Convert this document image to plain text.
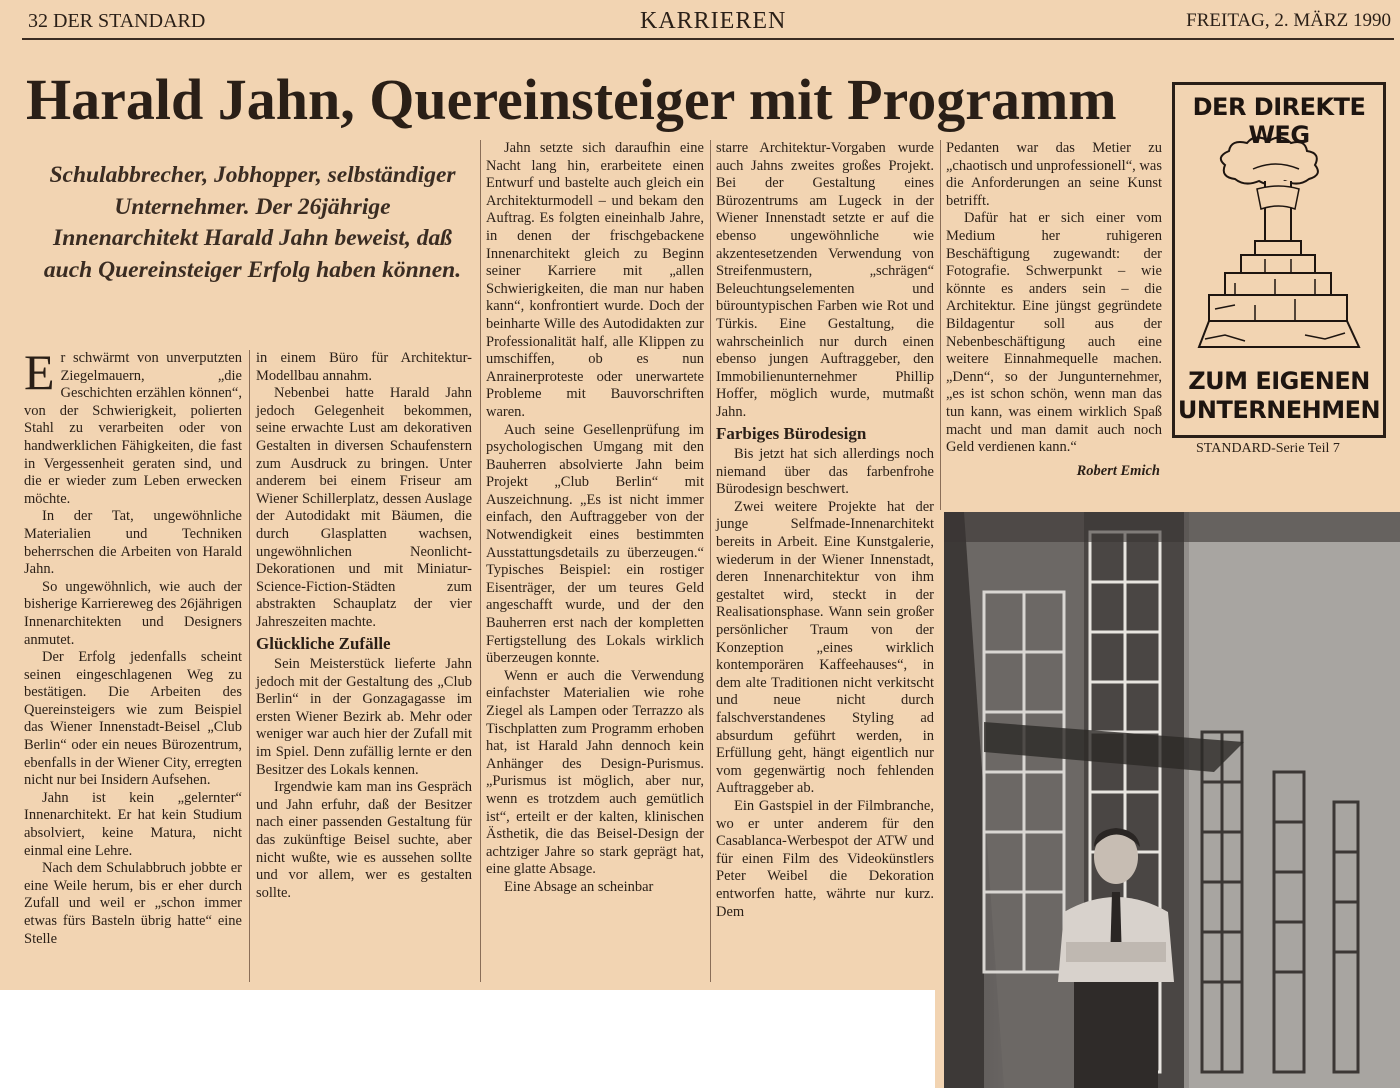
32 DER STANDARD	KARRIEREN	FREITAG, 2. MÄRZ 1990
Harald Jahn, Quereinsteiger mit Programm
Schulabbrecher, Jobhopper, selbständiger Unternehmer. Der 26jährige Innenarchitekt Harald Jahn beweist, daß auch Quereinsteiger Erfolg haben können.

Er schwärmt von unverputzten Ziegelmauern, „die Geschichten erzählen können“, von der Schwierigkeit, polierten Stahl zu verarbeiten oder von handwerklichen Fähigkeiten, die fast in Vergessenheit geraten sind, und die er wieder zum Leben erwecken möchte.

In der Tat, ungewöhnliche Materialien und Techniken beherrschen die Arbeiten von Harald Jahn.

So ungewöhnlich, wie auch der bisherige Karriereweg des 26jährigen Innenarchitekten und Designers anmutet.

Der Erfolg jedenfalls scheint seinen eingeschlagenen Weg zu bestätigen. Die Arbeiten des Quereinsteigers wie zum Beispiel das Wiener Innenstadt-Beisel „Club Berlin“ oder ein neues Bürozentrum, ebenfalls in der Wiener City, erregten nicht nur bei Insidern Aufsehen.

Jahn ist kein „gelernter“ Innenarchitekt. Er hat kein Studium absolviert, keine Matura, nicht einmal eine Lehre.

Nach dem Schulabbruch jobbte er eine Weile herum, bis er eher durch Zufall und weil er „schon immer etwas fürs Basteln übrig hatte“ eine Stelle

in einem Büro für Architektur-Modellbau annahm.

Nebenbei hatte Harald Jahn jedoch Gelegenheit bekommen, seine erwachte Lust am dekorativen Gestalten in diversen Schaufenstern zum Ausdruck zu bringen. Unter anderem bei einem Friseur am Wiener Schillerplatz, dessen Auslage der Autodidakt mit Bäumen, die durch Glasplatten wachsen, ungewöhnlichen Neonlicht-Dekorationen und mit Miniatur-Science-Fiction-Städten zum abstrakten Schauplatz der vier Jahreszeiten machte.

Glückliche Zufälle

Sein Meisterstück lieferte Jahn jedoch mit der Gestaltung des „Club Berlin“ in der Gonzagagasse im ersten Wiener Bezirk ab. Mehr oder weniger war auch hier der Zufall mit im Spiel. Denn zufällig lernte er den Besitzer des Lokals kennen.

Irgendwie kam man ins Gespräch und Jahn erfuhr, daß der Besitzer nach einer passenden Gestaltung für das zukünftige Beisel suchte, aber nicht wußte, wie es aussehen sollte und vor allem, wer es gestalten sollte.

Jahn setzte sich daraufhin eine Nacht lang hin, erarbeitete einen Entwurf und bastelte auch gleich ein Architekturmodell – und bekam den Auftrag. Es folgten eineinhalb Jahre, in denen der frischgebackene Innenarchitekt gleich zu Beginn seiner Karriere mit „allen Schwierigkeiten, die man nur haben kann“, konfrontiert wurde. Doch der beinharte Wille des Autodidakten zur Professionalität half, alle Klippen zu umschiffen, ob es nun Anrainerproteste oder unerwartete Probleme mit Bauvorschriften waren.

Auch seine Gesellenprüfung im psychologischen Umgang mit den Bauherren absolvierte Jahn beim Projekt „Club Berlin“ mit Auszeichnung. „Es ist nicht immer einfach, den Auftraggeber von der Notwendigkeit eines bestimmten Ausstattungsdetails zu überzeugen.“ Typisches Beispiel: ein rostiger Eisenträger, der um teures Geld angeschafft wurde, und der den Bauherren erst nach der kompletten Fertigstellung des Lokals wirklich überzeugen konnte.

Wenn er auch die Verwendung einfachster Materialien wie rohe Ziegel als Lampen oder Terrazzo als Tischplatten zum Programm erhoben hat, ist Harald Jahn dennoch kein Anhänger des Design-Purismus. „Purismus ist möglich, aber nur, wenn es trotzdem auch gemütlich ist“, erteilt er der kalten, klinischen Ästhetik, die das Beisel-Design der achtziger Jahre so stark geprägt hat, eine glatte Absage.

Eine Absage an scheinbar

starre Architektur-Vorgaben wurde auch Jahns zweites großes Projekt. Bei der Gestaltung eines Bürozentrums am Lugeck in der Wiener Innenstadt setzte er auf die ebenso ungewöhnliche wie akzentesetzenden Verwendung von Streifenmustern, „schrägen“ Beleuchtungselementen und bürountypischen Farben wie Rot und Türkis. Eine Gestaltung, die wahrscheinlich nur durch einen ebenso jungen Auftraggeber, den Immobilienunternehmer Phillip Hoffer, möglich wurde, mutmaßt Jahn.

Farbiges Bürodesign

Bis jetzt hat sich allerdings noch niemand über das farbenfrohe Bürodesign beschwert.

Zwei weitere Projekte hat der junge Selfmade-Innenarchitekt bereits in Arbeit. Eine Kunstgalerie, wiederum in der Wiener Innenstadt, deren Innenarchitektur von ihm gestaltet wird, steckt in der Realisationsphase. Wann sein großer persönlicher Traum von der Konzeption „eines wirklich kontemporären Kaffeehauses“, in dem alte Traditionen nicht verkitscht und neue nicht durch falschverstandenes Styling ad absurdum geführt werden, in Erfüllung geht, hängt eigentlich nur vom gegenwärtig noch fehlenden Auftraggeber ab.

Ein Gastspiel in der Filmbranche, wo er unter anderem für den Casablanca-Werbespot der ATW und für einen Film des Videokünstlers Peter Weibel die Dekoration entworfen hatte, währte nur kurz. Dem

Pedanten war das Metier zu „chaotisch und unprofessionell“, was die Anforderungen an seine Kunst betrifft.

Dafür hat er sich einer vom Medium her ruhigeren Beschäftigung zugewandt: der Fotografie. Schwerpunkt – wie könnte es anders sein – die Architektur. Eine jüngst gegründete Bildagentur soll aus der Nebenbeschäftigung auch eine weitere Einnahmequelle machen. „Denn“, so der Jungunternehmer, „es ist schon schön, wenn man das tun kann, was einem wirklich Spaß macht und man damit auch noch Geld verdienen kann.“

Robert Emich

DER DIREKTE WEG
ZUM EIGENEN
UNTERNEHMEN
STANDARD-Serie Teil 7
